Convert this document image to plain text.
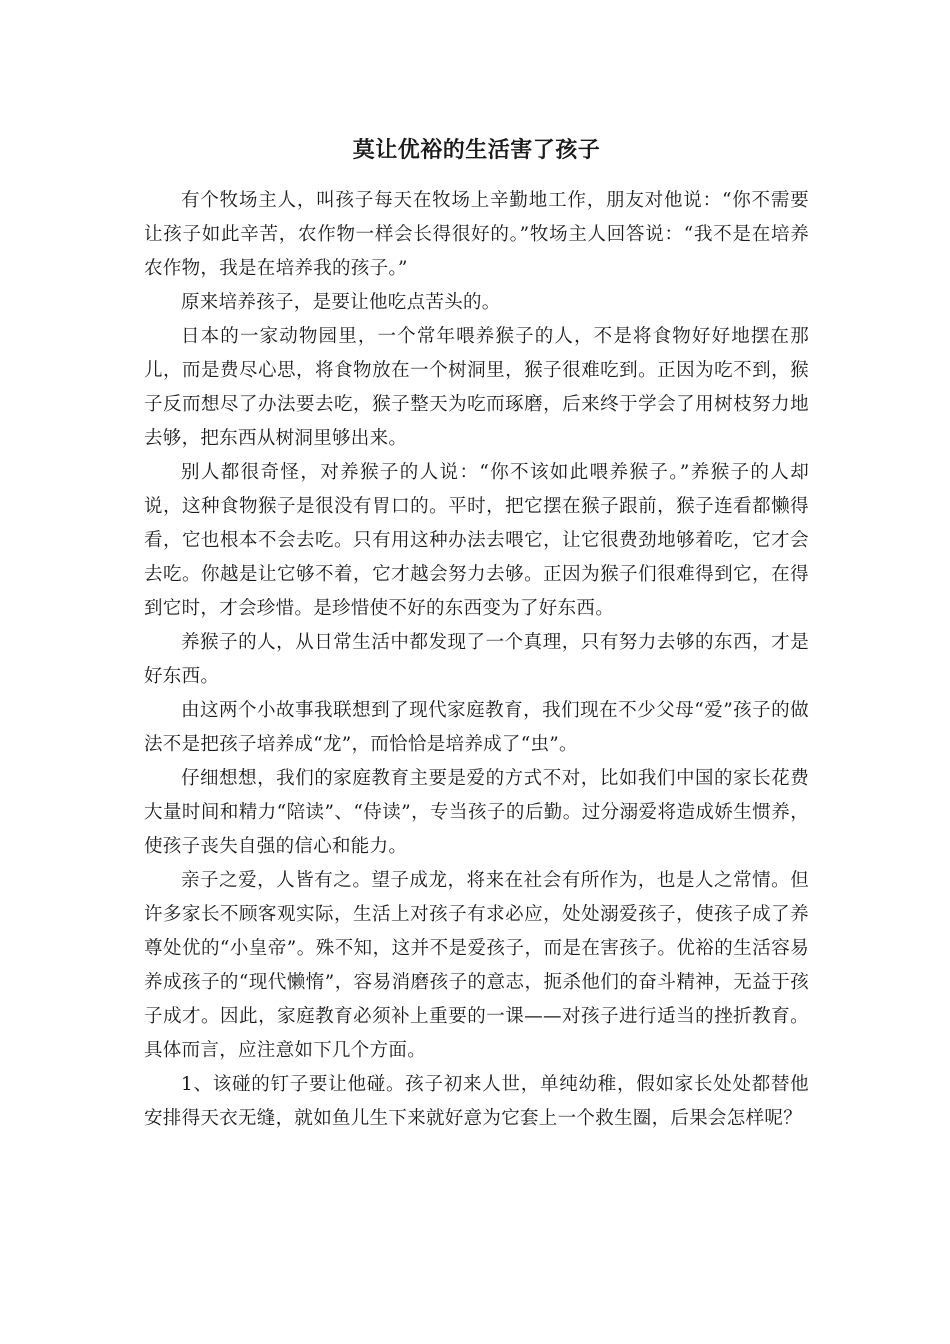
莫让优裕的生活害了孩子

有个牧场主人，叫孩子每天在牧场上辛勤地工作，朋友对他说：“你不需要让孩子如此辛苦，农作物一样会长得很好的。”牧场主人回答说：“我不是在培养农作物，我是在培养我的孩子。”

原来培养孩子，是要让他吃点苦头的。

日本的一家动物园里，一个常年喂养猴子的人，不是将食物好好地摆在那儿，而是费尽心思，将食物放在一个树洞里，猴子很难吃到。正因为吃不到，猴子反而想尽了办法要去吃，猴子整天为吃而琢磨，后来终于学会了用树枝努力地去够，把东西从树洞里够出来。

别人都很奇怪，对养猴子的人说：“你不该如此喂养猴子。”养猴子的人却说，这种食物猴子是很没有胃口的。平时，把它摆在猴子跟前，猴子连看都懒得看，它也根本不会去吃。只有用这种办法去喂它，让它很费劲地够着吃，它才会去吃。你越是让它够不着，它才越会努力去够。正因为猴子们很难得到它，在得到它时，才会珍惜。是珍惜使不好的东西变为了好东西。

养猴子的人，从日常生活中都发现了一个真理，只有努力去够的东西，才是好东西。

由这两个小故事我联想到了现代家庭教育，我们现在不少父母“爱”孩子的做法不是把孩子培养成“龙”，而恰恰是培养成了“虫”。

仔细想想，我们的家庭教育主要是爱的方式不对，比如我们中国的家长花费大量时间和精力“陪读”、“侍读”，专当孩子的后勤。过分溺爱将造成娇生惯养，使孩子丧失自强的信心和能力。

亲子之爱，人皆有之。望子成龙，将来在社会有所作为，也是人之常情。但许多家长不顾客观实际，生活上对孩子有求必应，处处溺爱孩子，使孩子成了养尊处优的“小皇帝”。殊不知，这并不是爱孩子，而是在害孩子。优裕的生活容易养成孩子的“现代懒惰”，容易消磨孩子的意志，扼杀他们的奋斗精神，无益于孩子成才。因此，家庭教育必须补上重要的一课——对孩子进行适当的挫折教育。具体而言，应注意如下几个方面。

1、该碰的钉子要让他碰。孩子初来人世，单纯幼稚，假如家长处处都替他安排得天衣无缝，就如鱼儿生下来就好意为它套上一个救生圈，后果会怎样呢？
